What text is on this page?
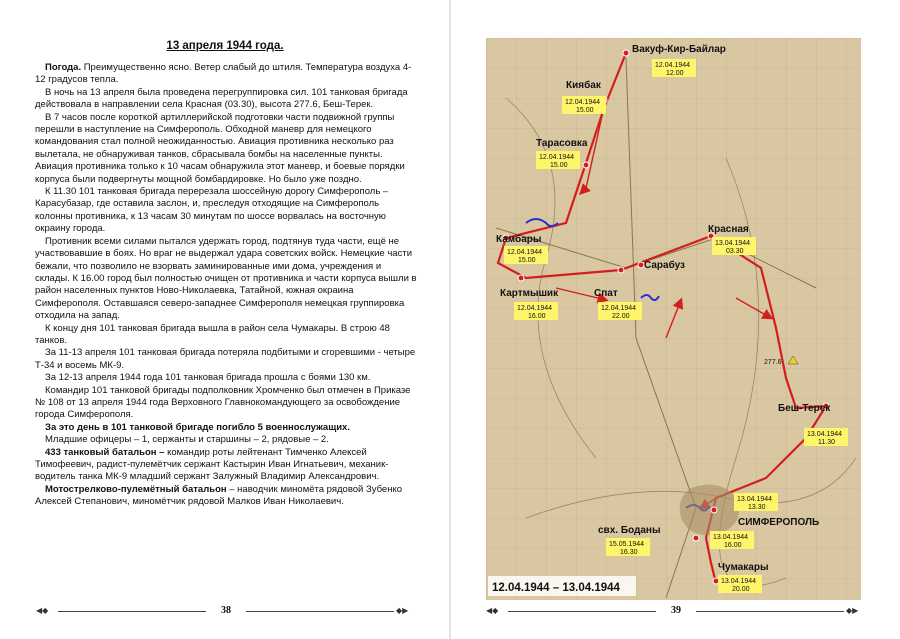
13 апреля 1944 года.

Погода. Преимущественно ясно. Ветер слабый до штиля. Температура воздуха 4-12 градусов тепла.

В ночь на 13 апреля была проведена перегруппировка сил. 101 танковая бригада действовала в направлении села Красная (03.30), высота 277.6, Беш-Терек.

В 7 часов после короткой артиллерийской подготовки части подвижной группы перешли в наступление на Симферополь. Обходной маневр для немецкого командования стал полной неожиданностью. Авиация противника несколько раз вылетала, не обнаруживая танков, сбрасывала бомбы на населенные пункты. Авиация противника только к 10 часам обнаружила этот маневр, и боевые порядки корпуса были подвергнуты мощной бомбардировке. Но было уже поздно.

К 11.30 101 танковая бригада перерезала шоссейную дорогу Симферополь – Карасубазар, где оставила заслон, и, преследуя отходящие на Симферополь колонны противника, к 13 часам 30 минутам по шоссе ворвалась на восточную окраину города.

Противник всеми силами пытался удержать город, подтянув туда части, ещё не участвовавшие в боях. Но враг не выдержал удара советских войск. Немецкие части бежали, что позволило не взорвать заминированные ими дома, учреждения и склады. К 16.00 город был полностью очищен от противника и части корпуса вышли в район населенных пунктов Ново-Николаевка, Татайной, южная окраина Симферополя. Оставшаяся северо-западнее Симферополя немецкая группировка отходила на запад.

К концу дня 101 танковая бригада вышла в район села Чумакары. В строю 48 танков.

За 11-13 апреля 101 танковая бригада потеряла подбитыми и сгоревшими - четыре Т-34 и восемь МК-9.

За 12-13 апреля 1944 года 101 танковая бригада прошла с боями 130 км.

Командир 101 танковой бригады подполковник Хромченко был отмечен в Приказе № 108 от 13 апреля 1944 года Верховного Главнокомандующего за освобождение города Симферополя.

За это день в 101 танковой бригаде погибло 5 военнослужащих.

Младшие офицеры – 1, сержанты и старшины – 2, рядовые – 2.

433 танковый батальон – командир роты лейтенант Тимченко Алексей Тимофеевич, радист-пулемётчик сержант Кастырин Иван Игнатьевич, механик-водитель танка МК-9 младший сержант Залужный Владимир Александрович.

Мотострелково-пулемётный батальон – наводчик миномёта рядовой Зубенко Алексей Степанович, миномётчик рядовой Малков Иван Николаевич.

◀◆	38	◆▶	◀◆	39	◆▶
Вакуф-Кир-Байлар
12.04.1944
12.00
Киябак
12.04.1944
15.00
Тарасовка
12.04.1944
15.00
Камбары
12.04.1944
15.00
Картмышик
12.04.1944
16.00
Спат
12.04.1944
22.00
Сарабуз
Красная
13.04.1944
03.30
277.6
Беш-Терек
13.04.1944
11.30
13.04.1944
13.30
СИМФЕРОПОЛЬ
13.04.1944
16.00
свх. Боданы
15.05.1944
16.30
Чумакары
13.04.1944
20.00
12.04.1944 – 13.04.1944
